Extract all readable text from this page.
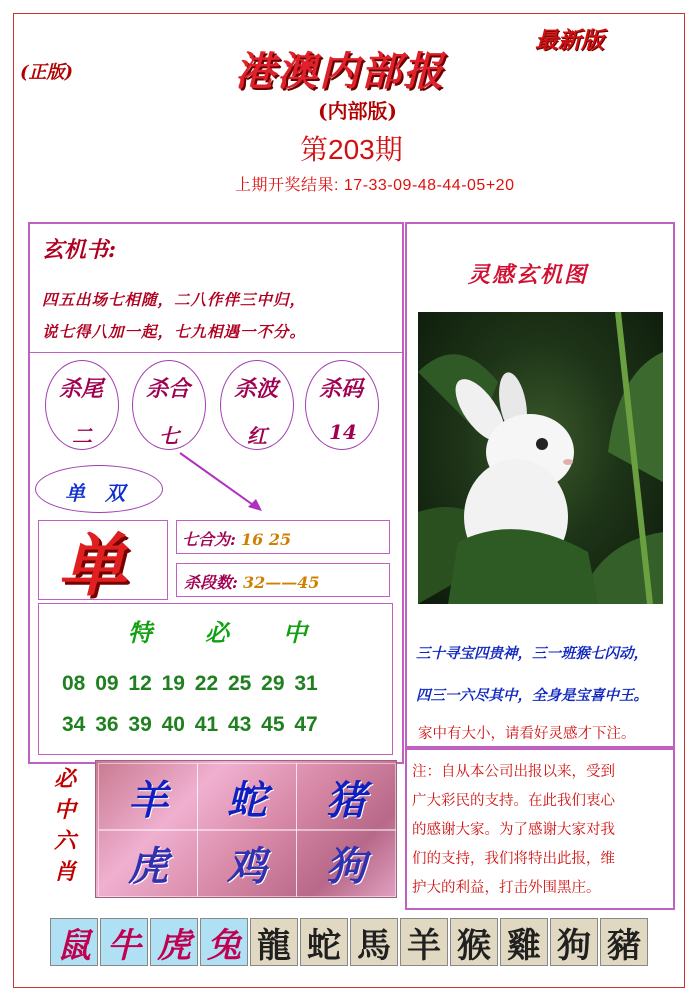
(正版)	港澳内部报
最新版
(内部版)
第203期
上期开奖结果: 17-33-09-48-44-05+20
玄机书:
四五出场七相随，二八作伴三中归，
说七得八加一起，七九相遇一不分。
杀尾 杀合 杀波 杀码
二	七	红	14
单双
单	七合为: 16 25
杀段数: 32——45
特 必 中
08 09 12 19 22 25 29 31
34 36 39 40 41 43 45 47
必
中
六
肖
羊	蛇	猪
虎	鸡	狗
灵感玄机图
三十寻宝四贵神，三一班猴七闪动，
四三一六尽其中，全身是宝喜中王。
家中有大小，请看好灵感才下注。
注：自从本公司出报以来，受到
广大彩民的支持。在此我们衷心
的感谢大家。为了感谢大家对我
们的支持，我们将特出此报，维
护大的利益，打击外围黑庄。
鼠 牛 虎 兔 龍 蛇 馬 羊 猴 雞 狗 豬
